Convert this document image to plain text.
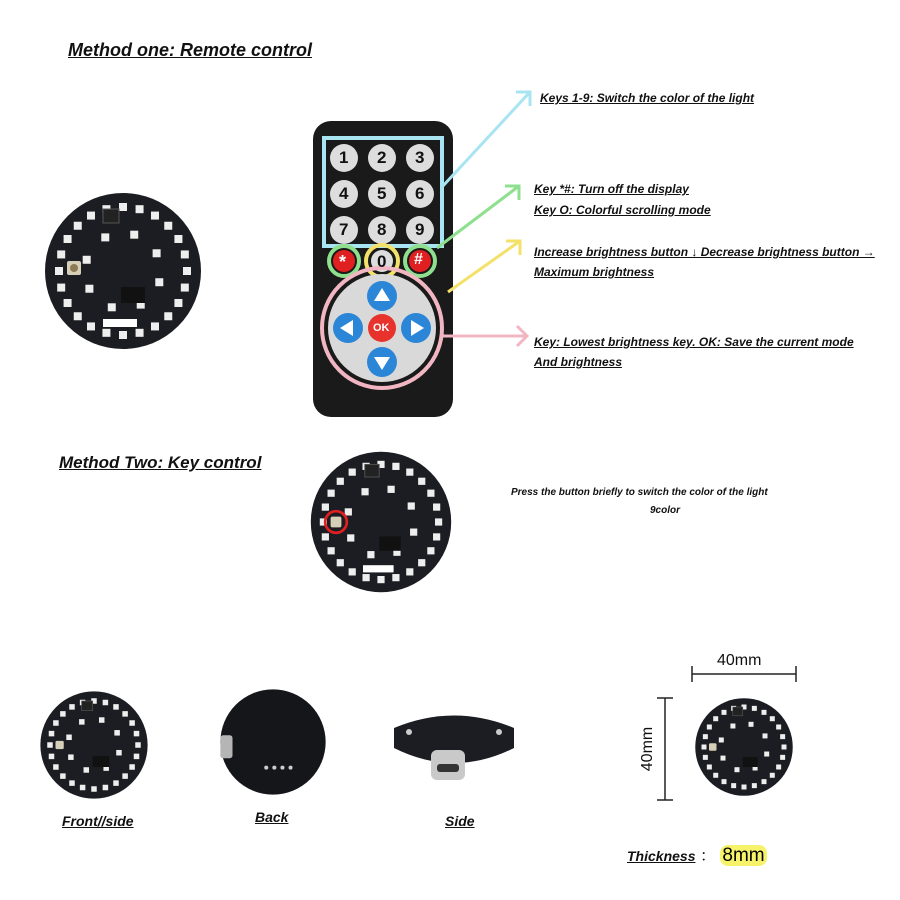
Method one: Remote control
* 0 #
OK
1 2 3
4 5 6
7 8 9
Keys 1-9: Switch the color of the light
Key *#: Turn off the display
Key O: Colorful scrolling mode
Increase brightness button ↓ Decrease brightness button →
Maximum brightness
Key: Lowest brightness key. OK: Save the current mode
And brightness
Method Two: Key control
Press the button briefly to switch the color of the light
9color
Front//side	Back	Side
40mm
40mm
Thickness ： 8mm
